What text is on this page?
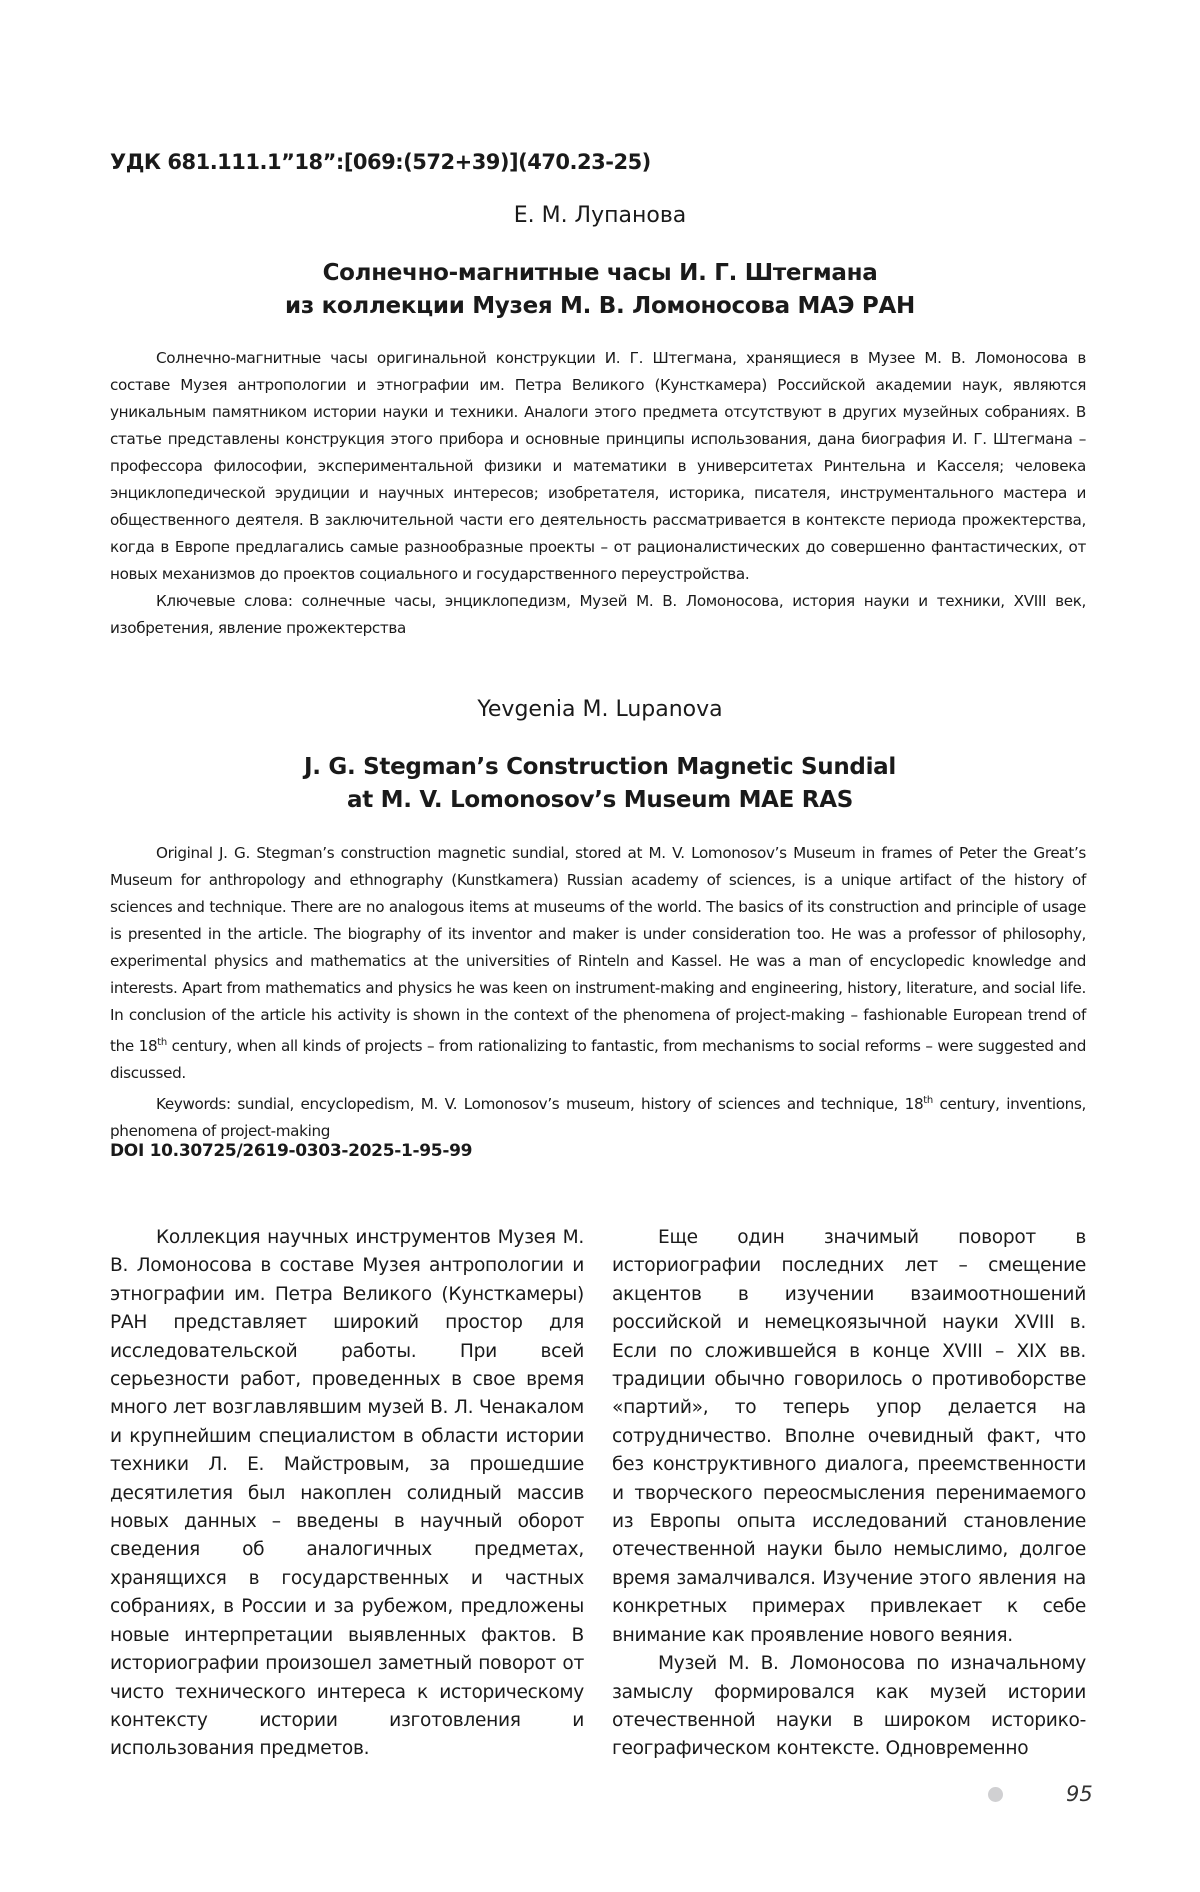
УДК 681.111.1”18”:[069:(572+39)](470.23-25)
Е. М. Лупанова
Солнечно-магнитные часы И. Г. Штегмана
из коллекции Музея М. В. Ломоносова МАЭ РАН

Солнечно-магнитные часы оригинальной конструкции И. Г. Штегмана, хранящиеся в Музее М. В. Ломоносова в составе Музея антропологии и этнографии им. Петра Великого (Кунсткамера) Российской академии наук, являются уникальным памятником истории науки и техники. Аналоги этого предмета отсутствуют в других музейных собраниях. В статье представлены конструкция этого прибора и основные принципы использования, дана биография И. Г. Штегмана – профессора философии, экспериментальной физики и математики в университетах Ринтельна и Касселя; человека энциклопедической эрудиции и научных интересов; изобретателя, историка, писателя, инструментального мастера и общественного деятеля. В заключительной части его деятельность рассматривается в контексте периода прожектерства, когда в Европе предлагались самые разнообразные проекты – от рационалистических до совершенно фантастических, от новых механизмов до проектов социального и государственного переустройства.

Ключевые слова: солнечные часы, энциклопедизм, Музей М. В. Ломоносова, история науки и техники, XVIII век, изобретения, явление прожектерства

Yevgenia M. Lupanova
J. G. Stegman’s Construction Magnetic Sundial
at M. V. Lomonosov’s Museum MAE RAS

Original J. G. Stegman’s construction magnetic sundial, stored at M. V. Lomonosov’s Museum in frames of Peter the Great’s Museum for anthropology and ethnography (Kunstkamera) Russian academy of sciences, is a unique artifact of the history of sciences and technique. There are no analogous items at museums of the world. The basics of its construction and principle of usage is presented in the article. The biography of its inventor and maker is under consideration too. He was a professor of philosophy, experimental physics and mathematics at the universities of Rinteln and Kassel. He was a man of encyclopedic knowledge and interests. Apart from mathematics and physics he was keen on instrument-making and engineering, history, literature, and social life. In conclusion of the article his activity is shown in the context of the phenomena of project-making – fashionable European trend of the 18th century, when all kinds of projects – from rationalizing to fantastic, from mechanisms to social reforms – were suggested and discussed.

Keywords: sundial, encyclopedism, M. V. Lomonosov’s museum, history of sciences and technique, 18th century, inventions, phenomena of project-making

DOI 10.30725/2619-0303-2025-1-95-99

Коллекция научных инструментов Музея М. В. Ломоносова в составе Музея антропологии и этнографии им. Петра Великого (Кунсткамеры) РАН представляет широкий простор для исследовательской работы. При всей серьезности работ, проведенных в свое время много лет возглавлявшим музей В. Л. Ченакалом и крупнейшим специалистом в области истории техники Л. Е. Майстровым, за прошедшие десятилетия был накоплен солидный массив новых данных – введены в научный оборот сведения об аналогичных предметах, хранящихся в государственных и частных собраниях, в России и за рубежом, предложены новые интерпретации выявленных фактов. В историографии произошел заметный поворот от чисто технического интереса к историческому контексту истории изготовления и использования предметов.

Еще один значимый поворот в историографии последних лет – смещение акцентов в изучении взаимоотношений российской и немецкоязычной науки XVIII в. Если по сложившейся в конце XVIII – XIX вв. традиции обычно говорилось о противоборстве «партий», то теперь упор делается на сотрудничество. Вполне очевидный факт, что без конструктивного диалога, преемственности и творческого переосмысления перенимаемого из Европы опыта исследований становление отечественной науки было немыслимо, долгое время замалчивался. Изучение этого явления на конкретных примерах привлекает к себе внимание как проявление нового веяния.

Музей М. В. Ломоносова по изначальному замыслу формировался как музей истории отечественной науки в широком историко-географическом контексте. Одновременно

95
